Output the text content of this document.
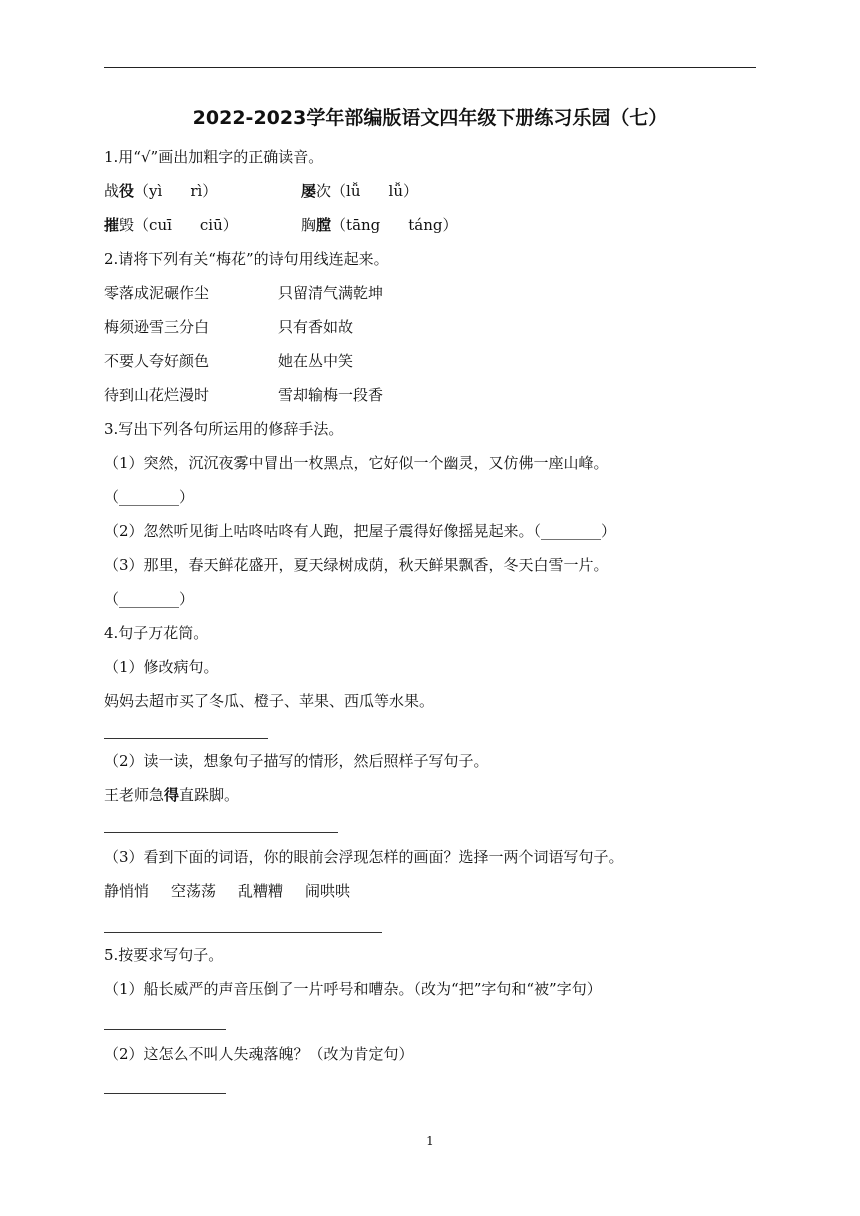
2022-2023学年部编版语文四年级下册练习乐园（七）
1.用“√”画出加粗字的正确读音。
战役（yì rì）	屡次（lǚ lǚ）
摧毁（cuī ciū）	胸膛（tāng táng）
2.请将下列有关“梅花”的诗句用线连起来。
零落成泥碾作尘	只留清气满乾坤
梅须逊雪三分白	只有香如故
不要人夸好颜色	她在丛中笑
待到山花烂漫时	雪却输梅一段香
3.写出下列各句所运用的修辞手法。
（1）突然，沉沉夜雾中冒出一枚黑点，它好似一个幽灵，又仿佛一座山峰。
（________）
（2）忽然听见街上咕咚咕咚有人跑，把屋子震得好像摇晃起来。（________）
（3）那里，春天鲜花盛开，夏天绿树成荫，秋天鲜果飘香，冬天白雪一片。
（________）
4.句子万花筒。
（1）修改病句。
妈妈去超市买了冬瓜、橙子、苹果、西瓜等水果。
（2）读一读，想象句子描写的情形，然后照样子写句子。
王老师急得直跺脚。
（3）看到下面的词语，你的眼前会浮现怎样的画面？选择一两个词语写句子。
静悄悄 空荡荡 乱糟糟 闹哄哄
5.按要求写句子。
（1）船长威严的声音压倒了一片呼号和嘈杂。（改为“把”字句和“被”字句）
（2）这怎么不叫人失魂落魄？（改为肯定句）
1
